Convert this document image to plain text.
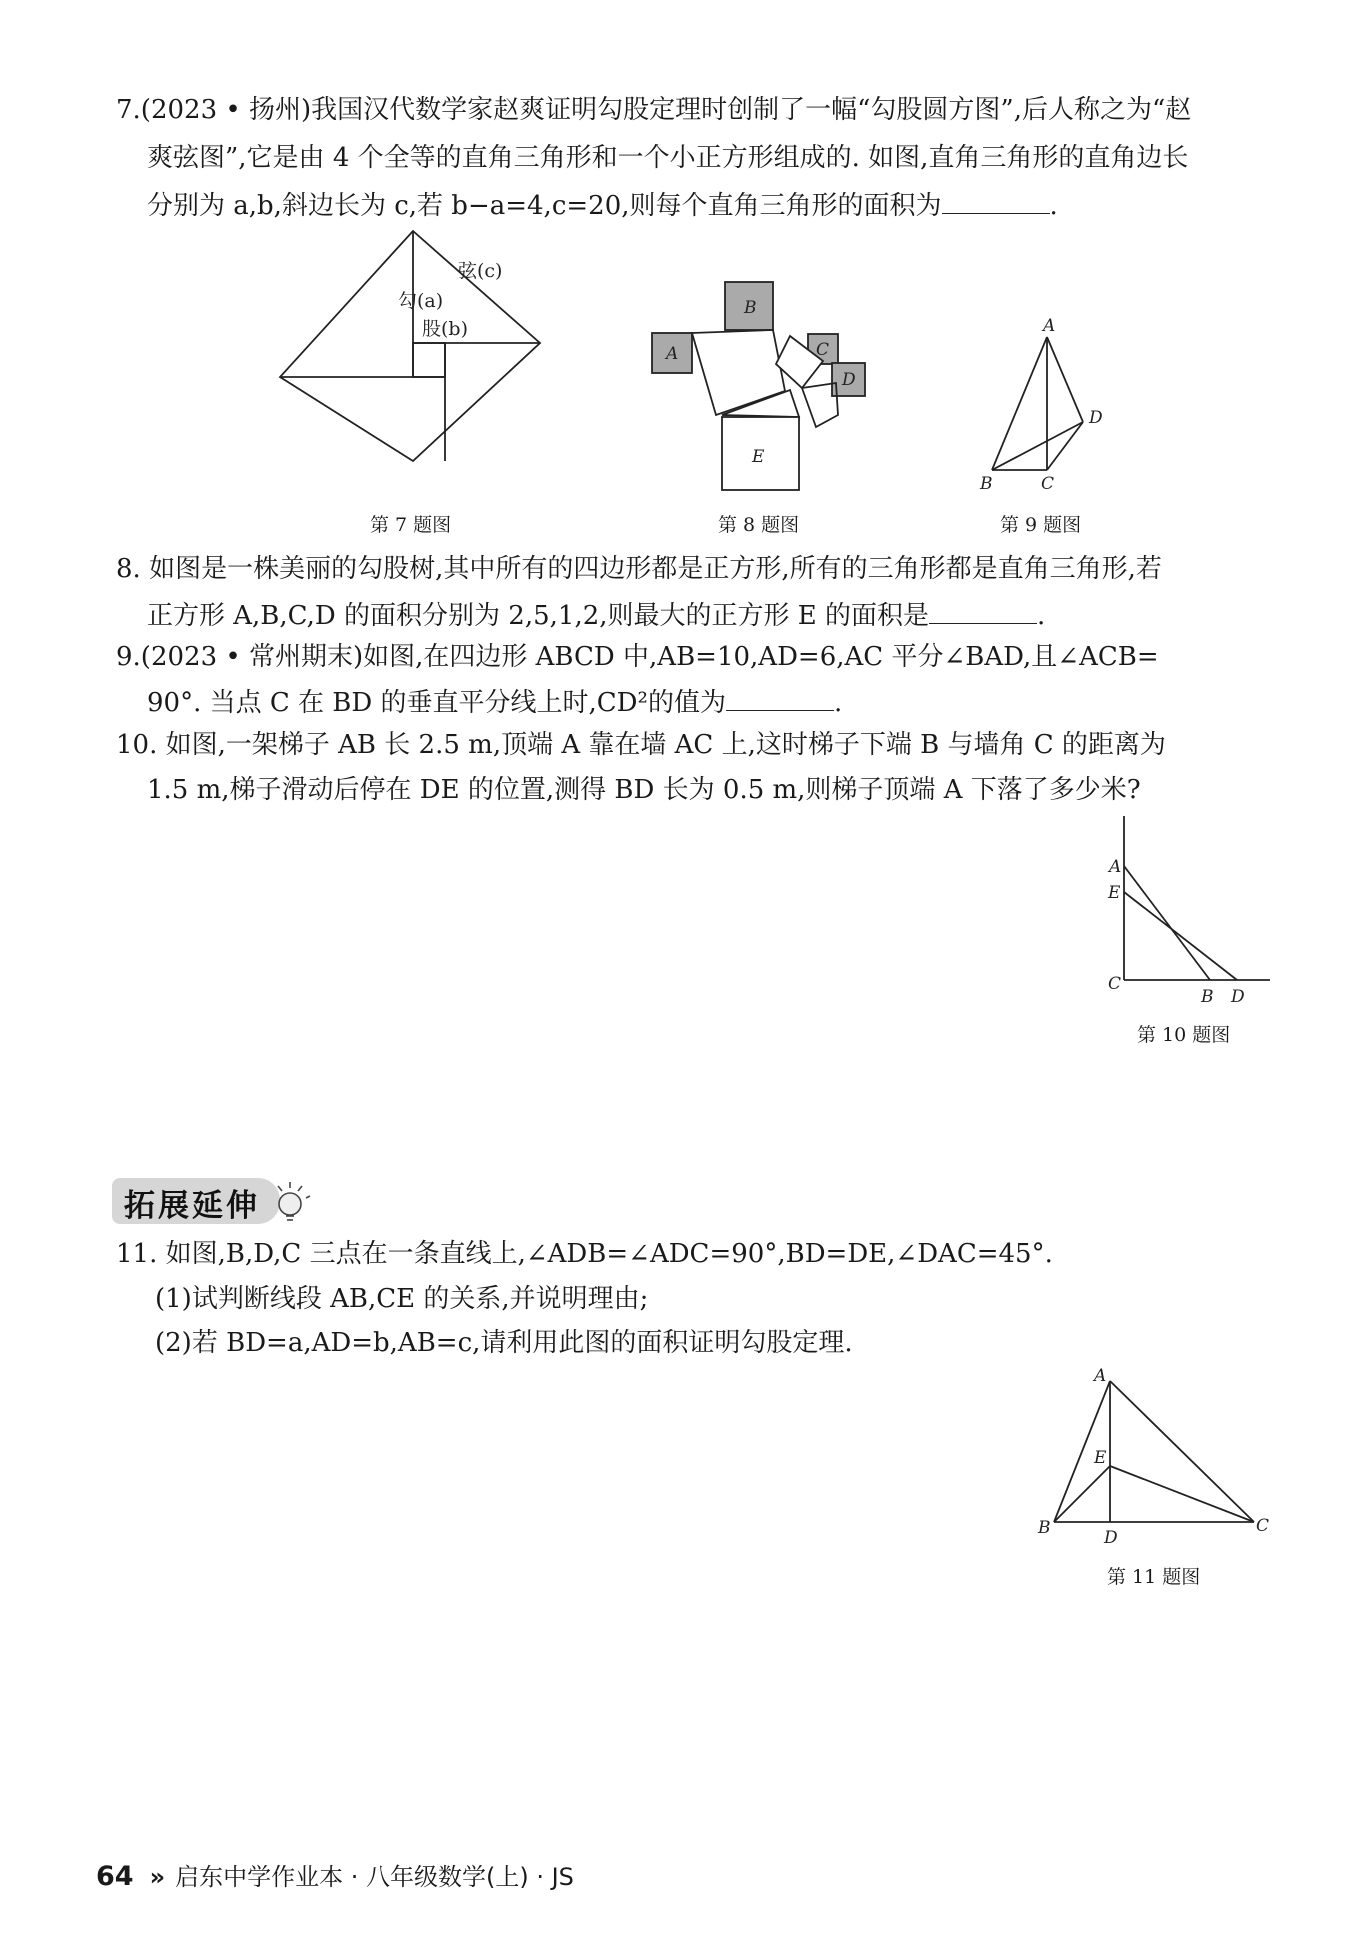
7.(2023 • 扬州)我国汉代数学家赵爽证明勾股定理时创制了一幅“勾股圆方图”,后人称之为“赵
爽弦图”,它是由 4 个全等的直角三角形和一个小正方形组成的. 如图,直角三角形的直角边长
分别为 a,b,斜边长为 c,若 b−a=4,c=20,则每个直角三角形的面积为	.
弦(c)
勾(a)
股(b)
第 7 题图
B
A	C
D
E
第 8 题图
A
B	C
D
第 9 题图
8. 如图是一株美丽的勾股树,其中所有的四边形都是正方形,所有的三角形都是直角三角形,若
正方形 A,B,C,D 的面积分别为 2,5,1,2,则最大的正方形 E 的面积是	.
9.(2023 • 常州期末)如图,在四边形 ABCD 中,AB=10,AD=6,AC 平分∠BAD,且∠ACB=
90°. 当点 C 在 BD 的垂直平分线上时,CD²的值为	.
10. 如图,一架梯子 AB 长 2.5 m,顶端 A 靠在墙 AC 上,这时梯子下端 B 与墙角 C 的距离为
1.5 m,梯子滑动后停在 DE 的位置,测得 BD 长为 0.5 m,则梯子顶端 A 下落了多少米?
A
E
C
B D
第 10 题图
拓展延伸
11. 如图,B,D,C 三点在一条直线上,∠ADB=∠ADC=90°,BD=DE,∠DAC=45°.
(1)试判断线段 AB,CE 的关系,并说明理由;
(2)若 BD=a,AD=b,AB=c,请利用此图的面积证明勾股定理.
A
E
B	D
C
第 11 题图
64 » 启东中学作业本 · 八年级数学(上) · JS
